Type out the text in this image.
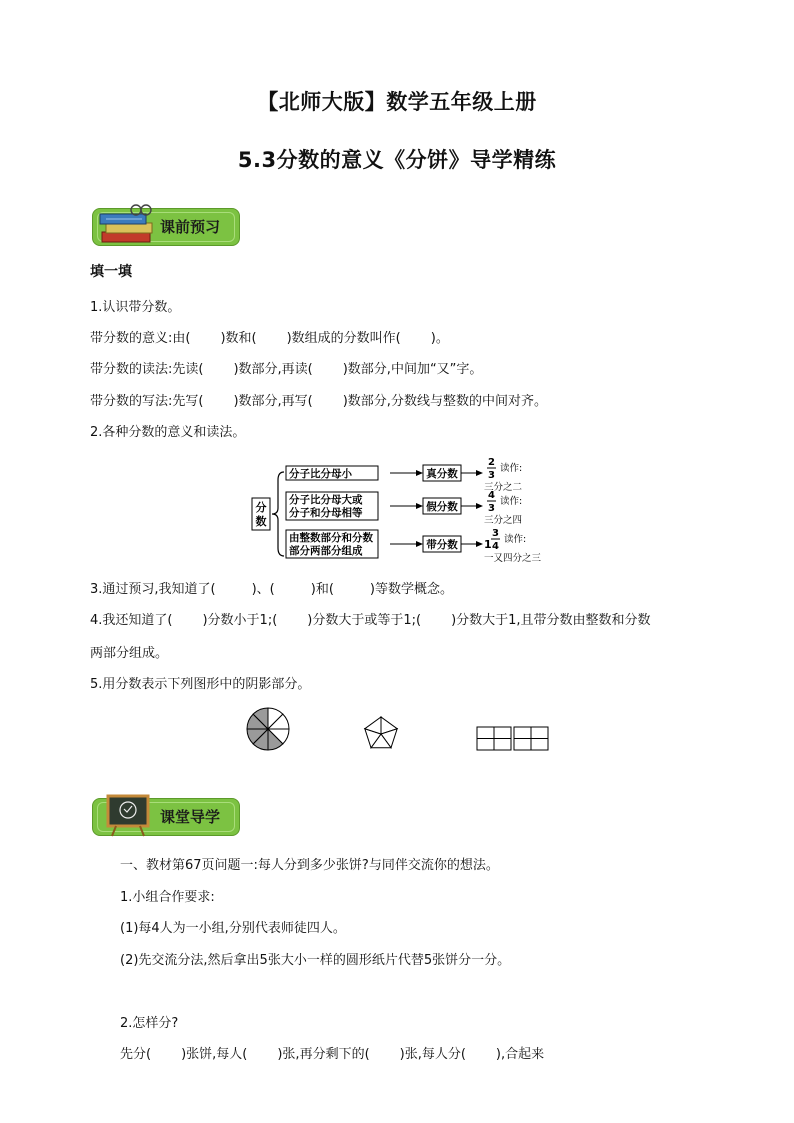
【北师大版】数学五年级上册
5.3分数的意义《分饼》导学精练
课前预习
填一填
1.认识带分数。
带分数的意义:由( )数和( )数组成的分数叫作( )。
带分数的读法:先读( )数部分,再读( )数部分,中间加“又”字。
带分数的写法:先写( )数部分,再写( )数部分,分数线与整数的中间对齐。
2.各种分数的意义和读法。
分
数
分子比分母小	真分数
2
3
读作:
三分之二
分子比分母大或
分子和分母相等	假分数
4
3
读作:
三分之四
由整数部分和分数
部分两部分组成	带分数 1
3
4
读作:
一又四分之三
3.通过预习,我知道了(	)、(	)和(	)等数学概念。
4.我还知道了( )分数小于1;( )分数大于或等于1;( )分数大于1,且带分数由整数和分数
两部分组成。
5.用分数表示下列图形中的阴影部分。
课堂导学
一、教材第67页问题一:每人分到多少张饼?与同伴交流你的想法。
1.小组合作要求:
(1)每4人为一小组,分别代表师徒四人。
(2)先交流分法,然后拿出5张大小一样的圆形纸片代替5张饼分一分。
2.怎样分?
先分( )张饼,每人( )张,再分剩下的( )张,每人分( ),合起来
